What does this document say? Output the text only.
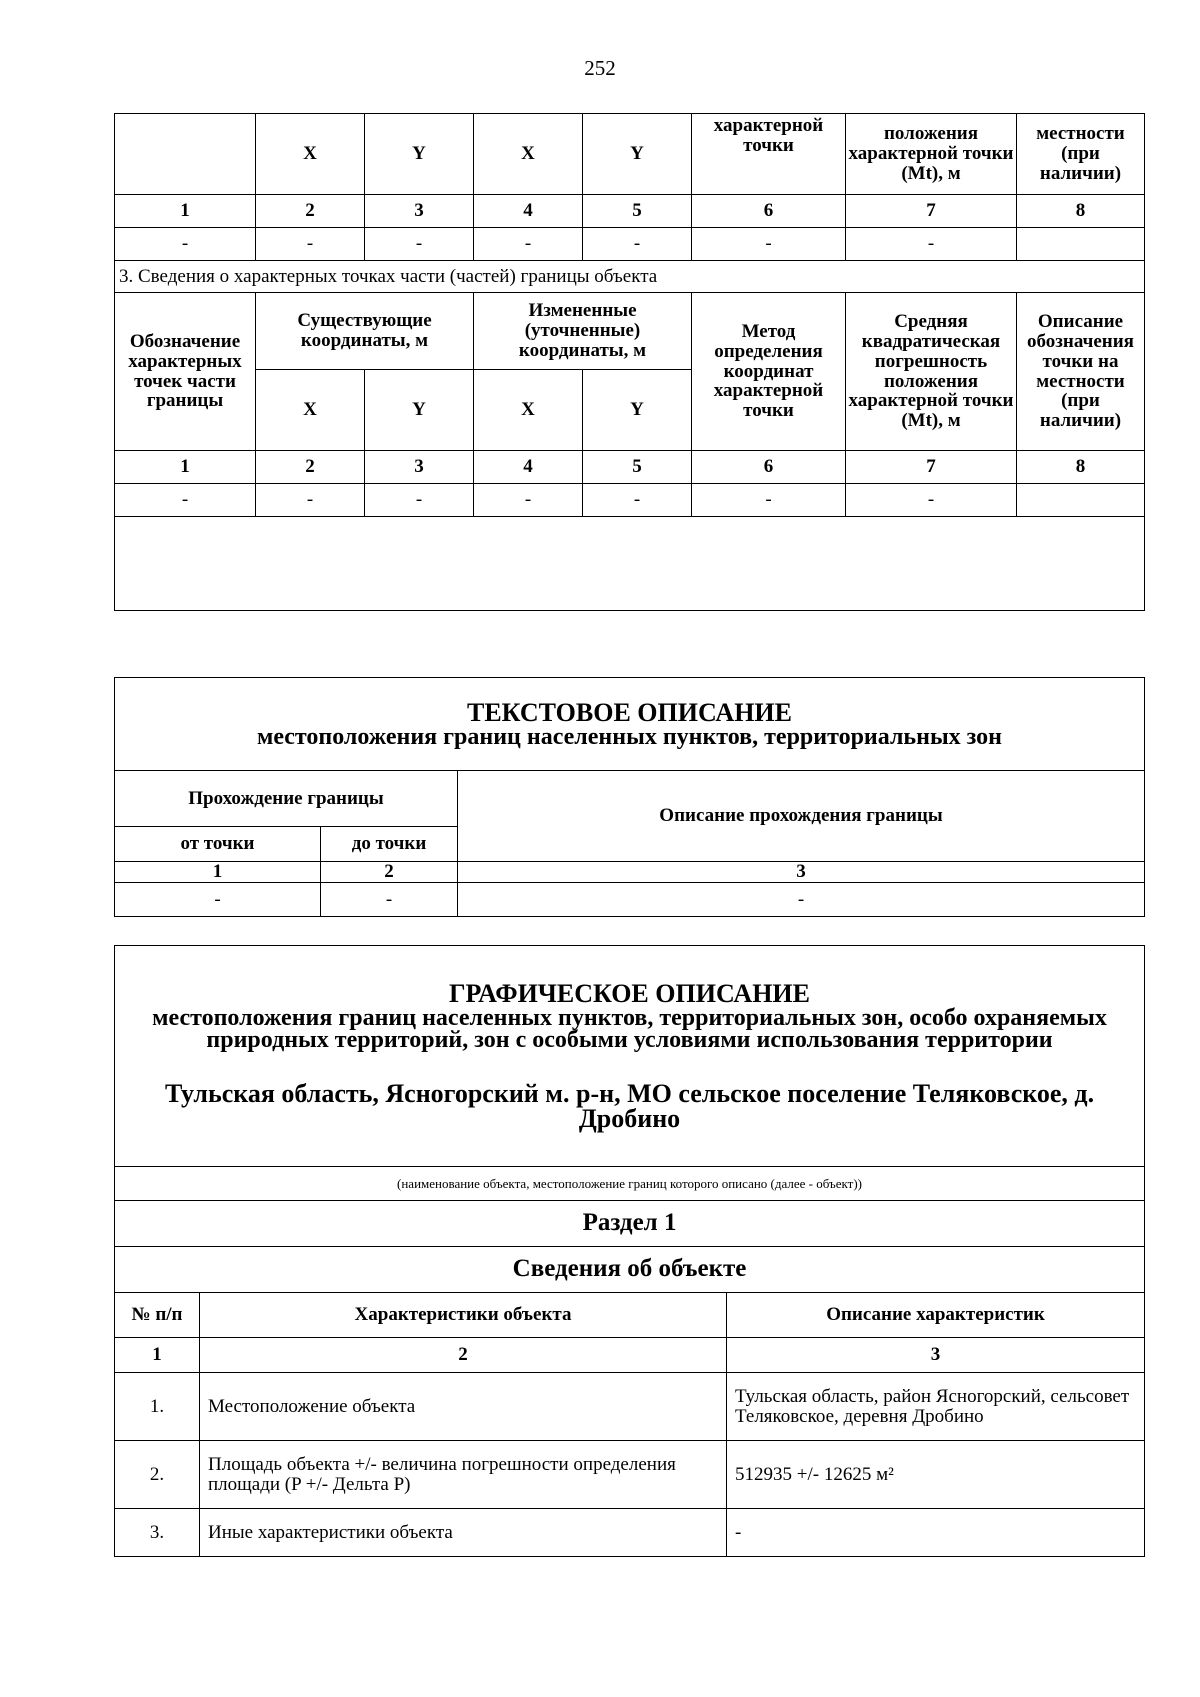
252
	X	Y	X	Y	характерной точки	положения характерной точки (Mt), м	местности (при наличии)
1	2	3	4	5	6	7	8
-	-	-	-	-	-	-	
3. Сведения о характерных точках части (частей) границы объекта							
Обозначение характерных точек части границы	Существующие координаты, м		Измененные (уточненные) координаты, м		Метод определения координат характерной точки	Средняя квадратическая погрешность положения характерной точки (Mt), м	Описание обозначения точки на местности (при наличии)
	X	Y	X	Y			
1	2	3	4	5	6	7	8
-	-	-	-	-	-	-	

ТЕКСТОВОЕ ОПИСАНИЕ
местоположения границ населенных пунктов, территориальных зон		

Прохождение границы		Описание прохождения границы
от точки	до точки	
1	2	3
-	-	-
ГРАФИЧЕСКОЕ ОПИСАНИЕ
местоположения границ населенных пунктов, территориальных зон, особо охраняемых природных территорий, зон с особыми условиями использования территории
Тульская область, Ясногорский м. р-н, МО сельское поселение Теляковское, д. Дробино		

(наименование объекта, местоположение границ которого описано (далее - объект))		
Раздел 1		
Сведения об объекте		
№ п/п	Характеристики объекта	Описание характеристик
1	2	3
1.	Местоположение объекта	Тульская область, район Ясногорский, сельсовет Теляковское, деревня Дробино
2.	Площадь объекта +/- величина погрешности определения площади (P +/- Дельта P)	512935 +/- 12625 м²
3.	Иные характеристики объекта	-
